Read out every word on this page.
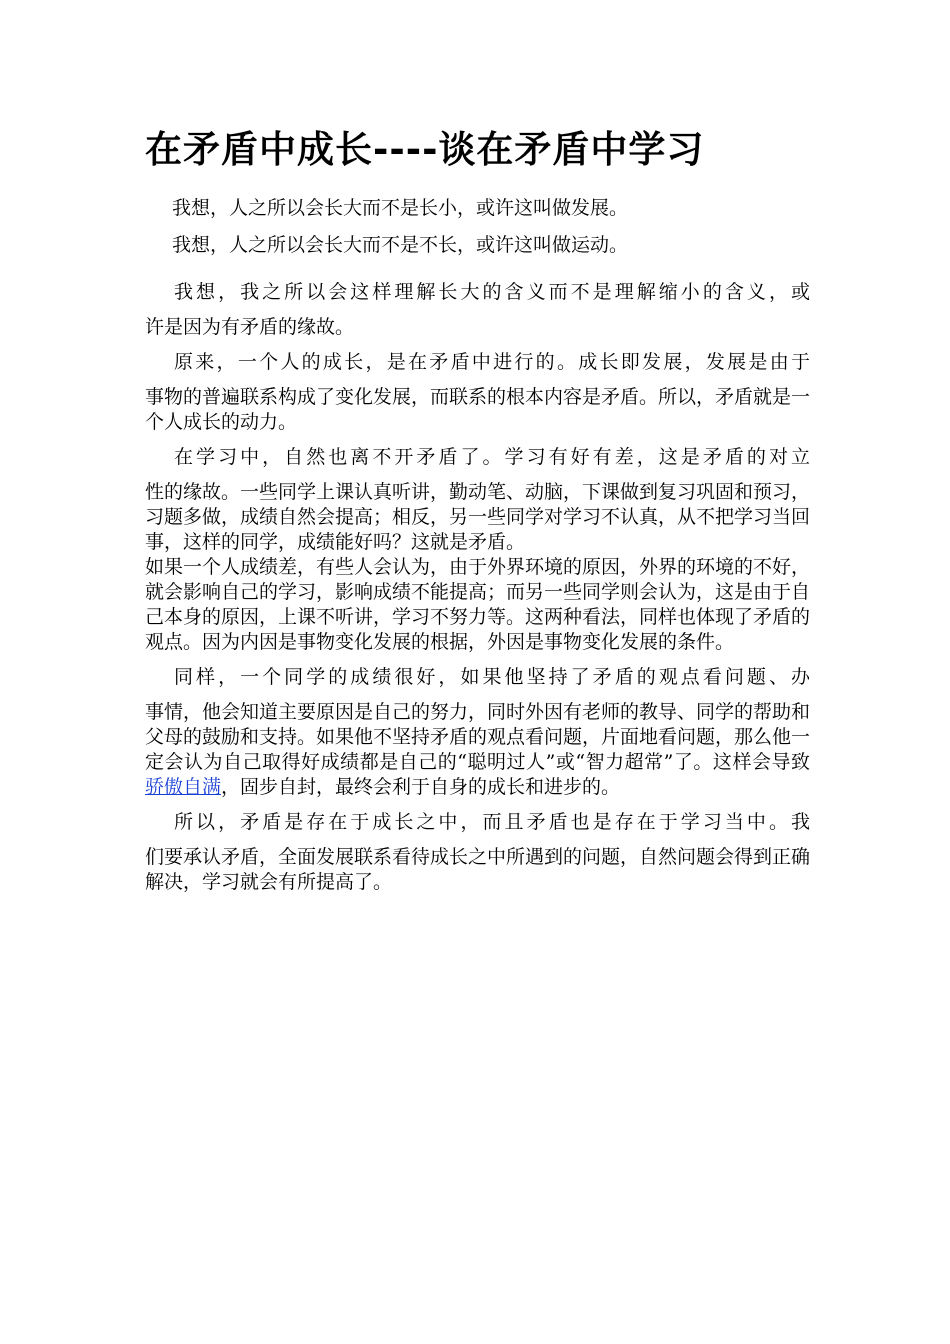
在矛盾中成长----谈在矛盾中学习

我想，人之所以会长大而不是长小，或许这叫做发展。

我想，人之所以会长大而不是不长，或许这叫做运动。

我想，我之所以会这样理解长大的含义而不是理解缩小的含义，或
许是因为有矛盾的缘故。
原来，一个人的成长，是在矛盾中进行的。成长即发展，发展是由于
事物的普遍联系构成了变化发展，而联系的根本内容是矛盾。所以，矛盾就是一个人成长的动力。
在学习中，自然也离不开矛盾了。学习有好有差，这是矛盾的对立
性的缘故。一些同学上课认真听讲，勤动笔、动脑，下课做到复习巩固和预习，习题多做，成绩自然会提高；相反，另一些同学对学习不认真，从不把学习当回事，这样的同学，成绩能好吗？这就是矛盾。
如果一个人成绩差，有些人会认为，由于外界环境的原因，外界的环境的不好，就会影响自己的学习，影响成绩不能提高；而另一些同学则会认为，这是由于自己本身的原因，上课不听讲，学习不努力等。这两种看法，同样也体现了矛盾的观点。因为内因是事物变化发展的根据，外因是事物变化发展的条件。
同样，一个同学的成绩很好，如果他坚持了矛盾的观点看问题、办
事情，他会知道主要原因是自己的努力，同时外因有老师的教导、同学的帮助和父母的鼓励和支持。如果他不坚持矛盾的观点看问题，片面地看问题，那么他一定会认为自己取得好成绩都是自己的“聪明过人”或“智力超常”了。这样会导致骄傲自满，固步自封，最终会利于自身的成长和进步的。
所以，矛盾是存在于成长之中，而且矛盾也是存在于学习当中。我
们要承认矛盾，全面发展联系看待成长之中所遇到的问题，自然问题会得到正确解决，学习就会有所提高了。
